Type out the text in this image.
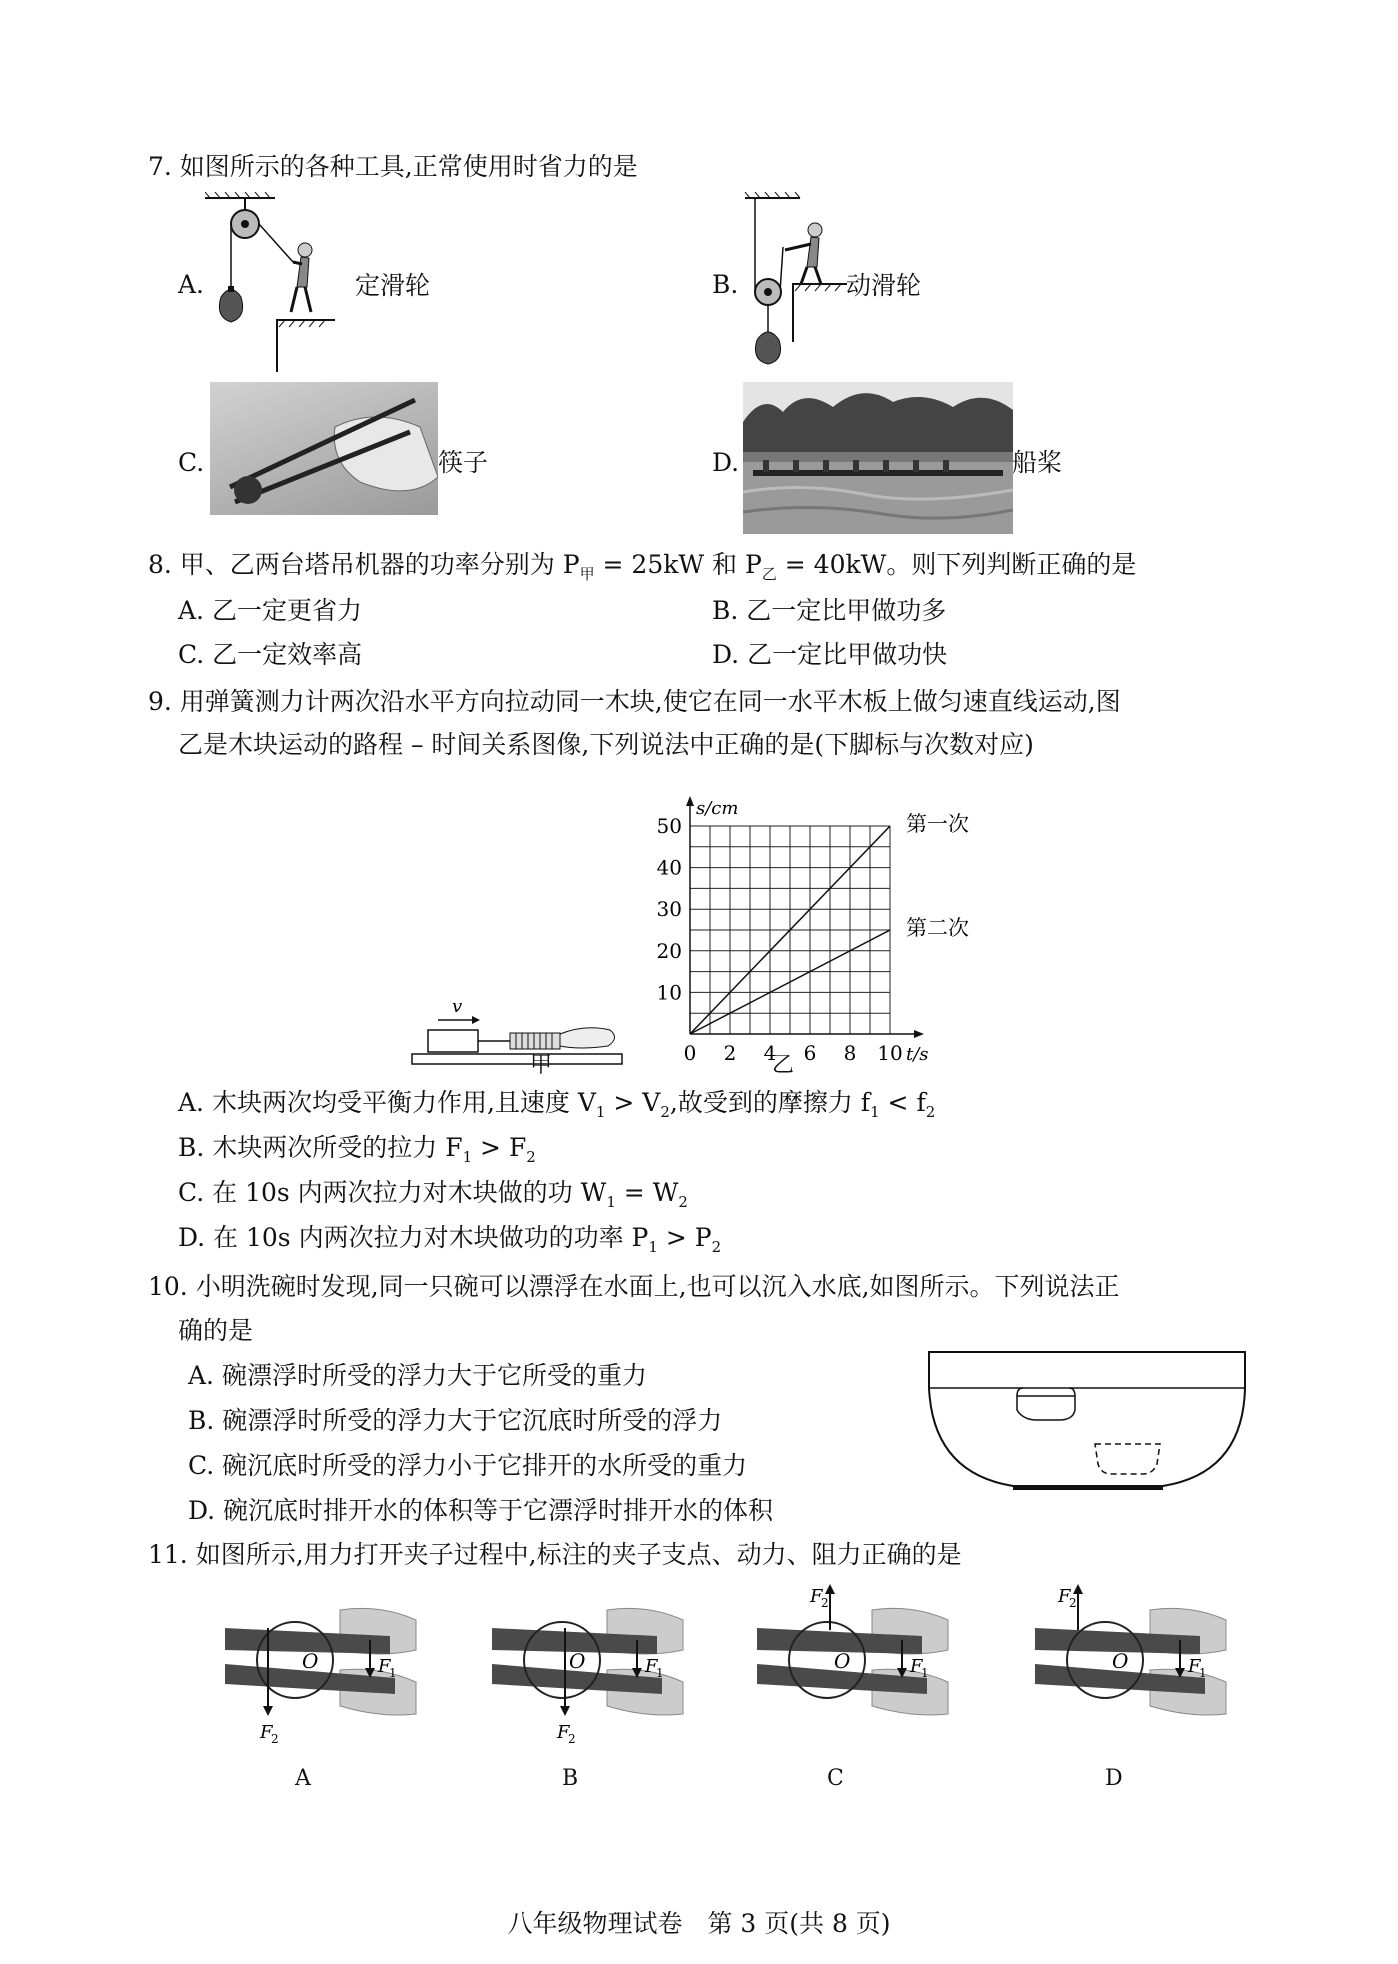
7. 如图所示的各种工具,正常使用时省力的是
A.	定滑轮	B.	动滑轮
C.	筷子	D.	船桨
8. 甲、乙两台塔吊机器的功率分别为 $P_甲 = 25kW$ 和 $P_乙 = 40kW$。则下列判断正确的是
A. 乙一定更省力	B. 乙一定比甲做功多
C. 乙一定效率高	D. 乙一定比甲做功快
9. 用弹簧测力计两次沿水平方向拉动同一木块,使它在同一水平木板上做匀速直线运动,图
乙是木块运动的路程 – 时间关系图像,下列说法中正确的是(下脚标与次数对应)
v
甲
第一次
第二次
0 2 4 6 8 10
10
20
30
40
50
s/cm
t/s
乙
A. 木块两次均受平衡力作用,且速度 $V_1 > V_2$,故受到的摩擦力 $f_1 < f_2$
B. 木块两次所受的拉力 $F_1 > F_2$
C. 在 10s 内两次拉力对木块做的功 $W_1 = W_2$
D. 在 10s 内两次拉力对木块做功的功率 $P_1 > P_2$
10. 小明洗碗时发现,同一只碗可以漂浮在水面上,也可以沉入水底,如图所示。下列说法正
确的是
A. 碗漂浮时所受的浮力大于它所受的重力
B. 碗漂浮时所受的浮力大于它沉底时所受的浮力
C. 碗沉底时所受的浮力小于它排开的水所受的重力
D. 碗沉底时排开水的体积等于它漂浮时排开水的体积
11. 如图所示,用力打开夹子过程中,标注的夹子支点、动力、阻力正确的是
O	F
1
F
2
A
O	F
1
F
2
B
O	F
1
F
2
C
O	F
1
F
2
D
八年级物理试卷　第 3 页(共 8 页)
